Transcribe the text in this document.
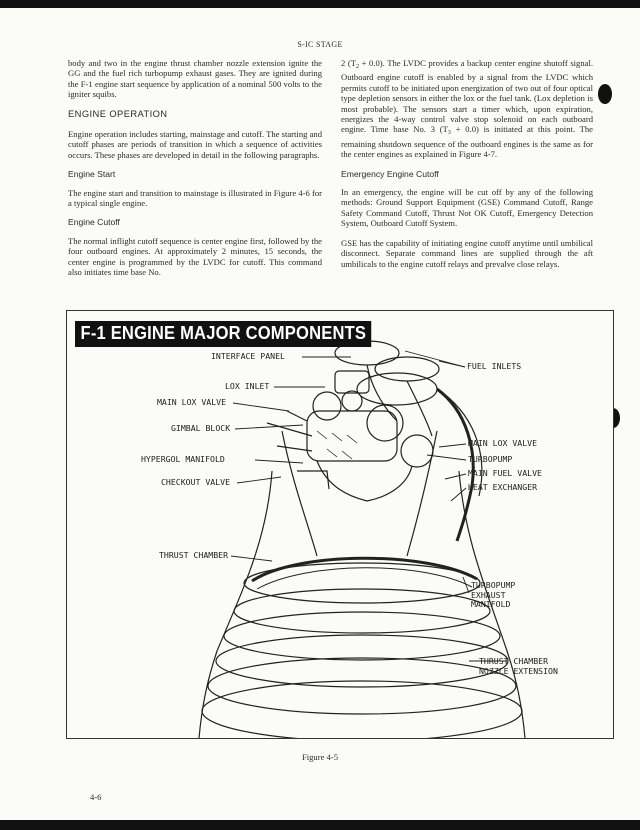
S-IC STAGE

body and two in the engine thrust chamber nozzle extension ignite the GG and the fuel rich turbopump exhaust gases. They are ignited during the F-1 engine start sequence by application of a nominal 500 volts to the igniter squibs.

ENGINE OPERATION

Engine operation includes starting, mainstage and cutoff. The starting and cutoff phases are periods of transition in which a sequence of activities occurs. These phases are developed in detail in the following paragraphs.

Engine Start

The engine start and transition to mainstage is illustrated in Figure 4-6 for a typical single engine.

Engine Cutoff

The normal inflight cutoff sequence is center engine first, followed by the four outboard engines. At approximately 2 minutes, 15 seconds, the center engine is programmed by the LVDC for cutoff. This command also initiates time base No.

2 $(T_2 + 0.0)$. The LVDC provides a backup center engine shutoff signal. Outboard engine cutoff is enabled by a signal from the LVDC which permits cutoff to be initiated upon energization of two out of four optical type depletion sensors in either the lox or the fuel tank. (Lox depletion is most probable). The sensors start a timer which, upon expiration, energizes the 4-way control valve stop solenoid on each outboard engine. Time base No. 3 $(T_3 + 0.0)$ is initiated at this point. The remaining shutdown sequence of the outboard engines is the same as for the center engines as explained in Figure 4-7.

Emergency Engine Cutoff

In an emergency, the engine will be cut off by any of the following methods: Ground Support Equipment (GSE) Command Cutoff, Range Safety Command Cutoff, Thrust Not OK Cutoff, Emergency Detection System, Outboard Cutoff System.

GSE has the capability of initiating engine cutoff anytime until umbilical disconnect. Separate command lines are supplied through the aft umbilicals to the engine cutoff relays and prevalve close relays.

F-1 ENGINE MAJOR COMPONENTS
INTERFACE PANEL
LOX INLET
MAIN LOX VALVE
GIMBAL BLOCK
HYPERGOL MANIFOLD
CHECKOUT VALVE
THRUST CHAMBER
FUEL INLETS
MAIN LOX VALVE
TURBOPUMP
MAIN FUEL VALVE
HEAT EXCHANGER
TURBOPUMP
EXHAUST
MANIFOLD
THRUST CHAMBER
NOZZLE EXTENSION
Figure 4-5
4-6
